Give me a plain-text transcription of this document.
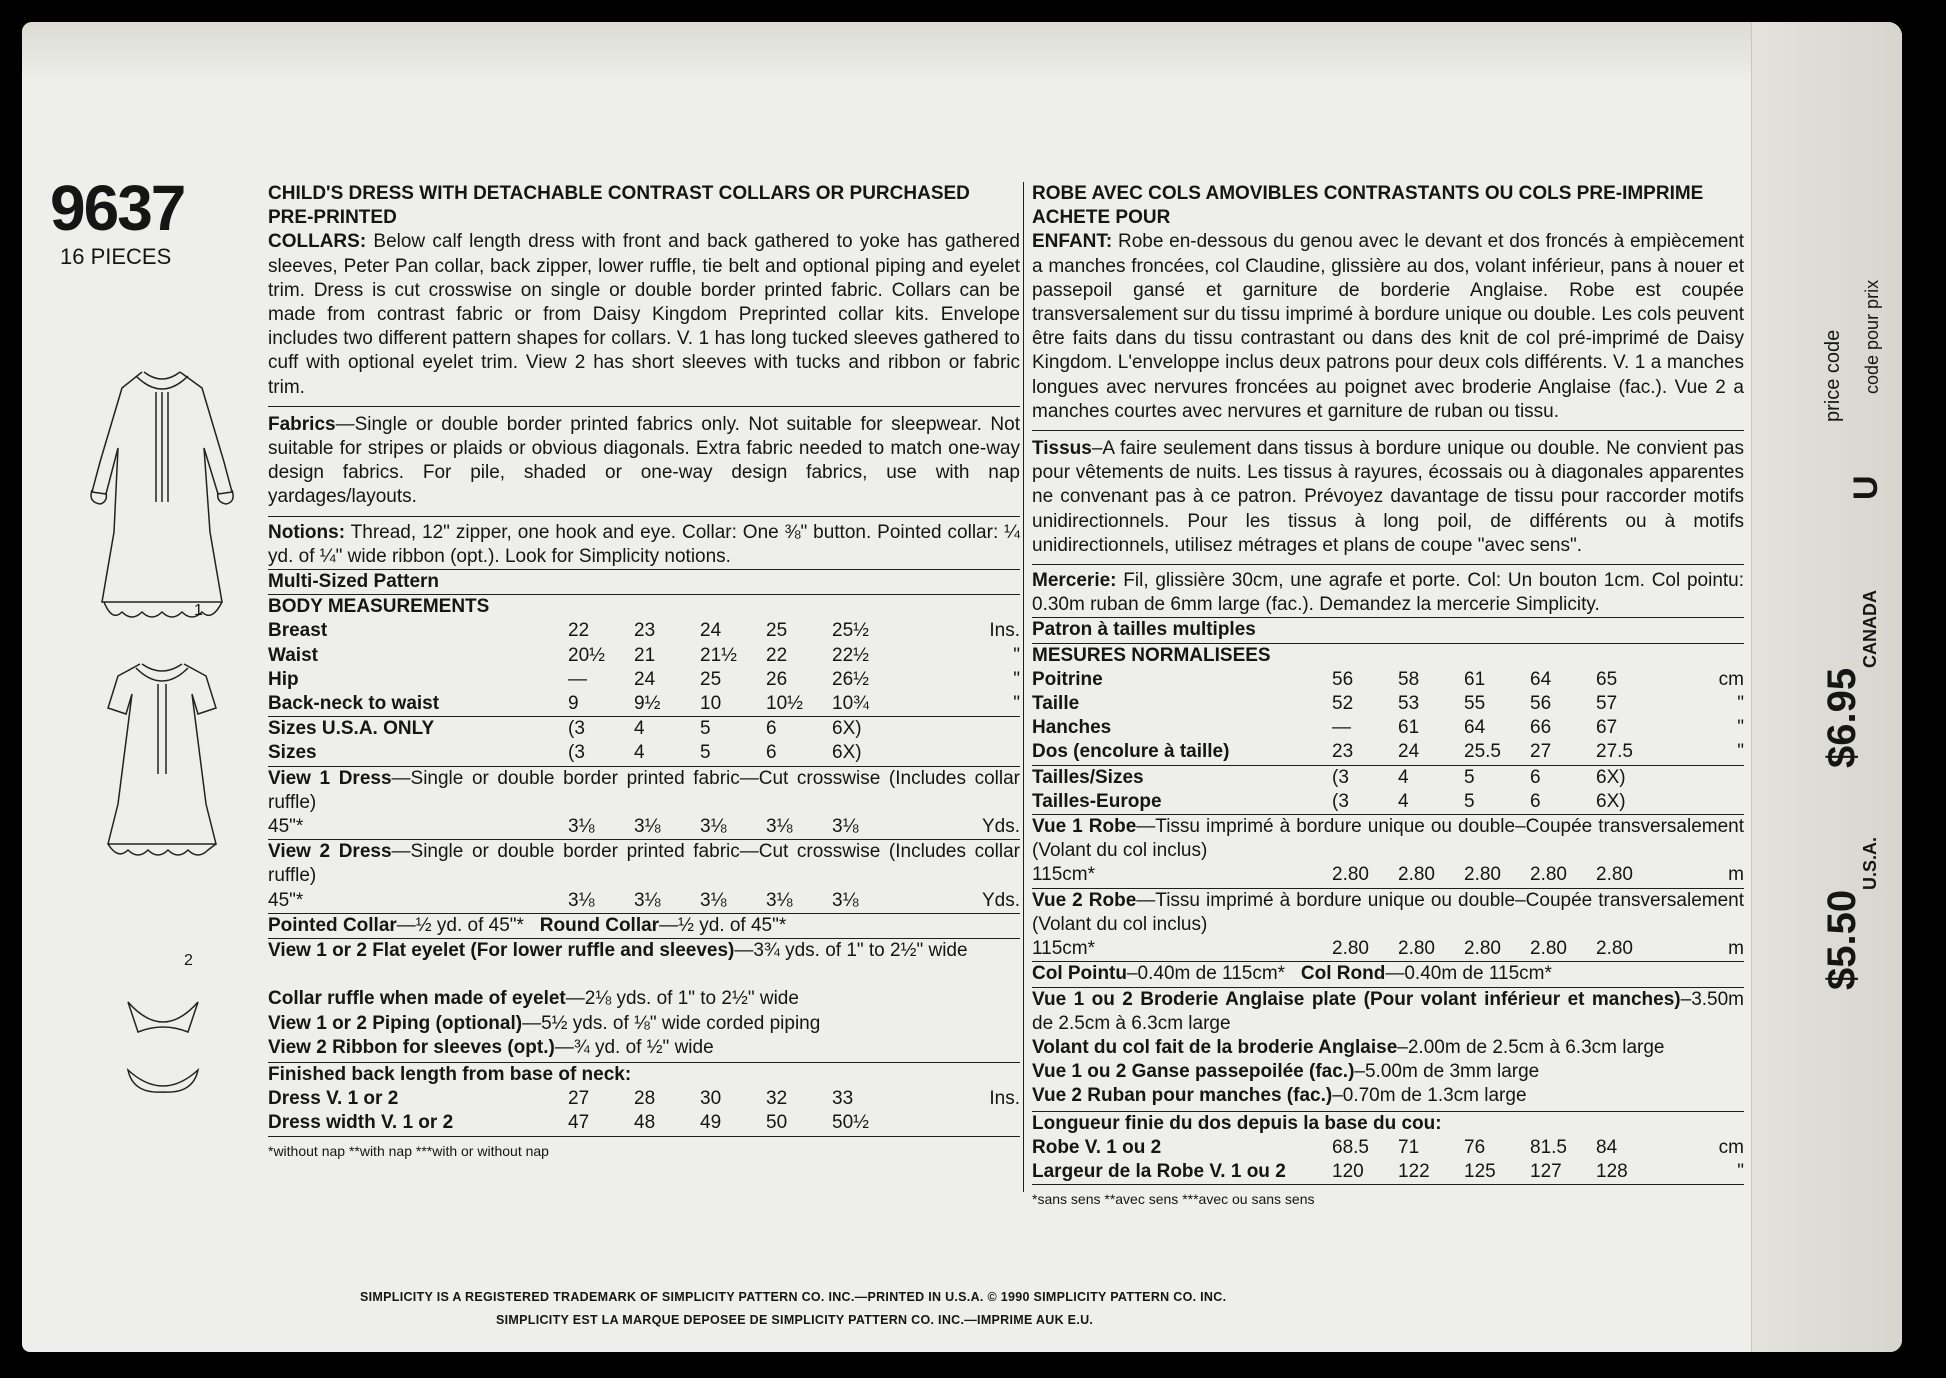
9637
16 PIECES
1
2
CHILD'S DRESS WITH DETACHABLE CONTRAST COLLARS OR PURCHASED PRE-PRINTED

COLLARS: Below calf length dress with front and back gathered to yoke has gathered sleeves, Peter Pan collar, back zipper, lower ruffle, tie belt and optional piping and eyelet trim. Dress is cut crosswise on single or double border printed fabric. Collars can be made from contrast fabric or from Daisy Kingdom Preprinted collar kits. Envelope includes two different pattern shapes for collars. V. 1 has long tucked sleeves gathered to cuff with optional eyelet trim. View 2 has short sleeves with tucks and ribbon or fabric trim.

Fabrics—Single or double border printed fabrics only. Not suitable for sleepwear. Not suitable for stripes or plaids or obvious diagonals. Extra fabric needed to match one-way design fabrics. For pile, shaded or one-way design fabrics, use with nap yardages/layouts.

Notions: Thread, 12" zipper, one hook and eye. Collar: One ⅜" button. Pointed collar: ¼ yd. of ¼" wide ribbon (opt.). Look for Simplicity notions.

Multi-Sized Pattern
BODY MEASUREMENTS
Breast	22	23	24	25	25½	Ins.
Waist	20½	21	21½	22	22½	"
Hip	—	24	25	26	26½	"
Back-neck to waist	9	9½	10	10½	10¾	"
Sizes U.S.A. ONLY	(3	4	5	6	6X)	
Sizes	(3	4	5	6	6X)	

View 1 Dress—Single or double border printed fabric—Cut crosswise (Includes collar ruffle)

45"*	3⅛	3⅛	3⅛	3⅛	3⅛	Yds.

View 2 Dress—Single or double border printed fabric—Cut crosswise (Includes collar ruffle)

45"*	3⅛	3⅛	3⅛	3⅛	3⅛	Yds.
Pointed Collar—½ yd. of 45"* Round Collar—½ yd. of 45"*
View 1 or 2 Flat eyelet (For lower ruffle and sleeves)—3¾ yds. of 1" to 2½" wide
Collar ruffle when made of eyelet—2⅛ yds. of 1" to 2½" wide
View 1 or 2 Piping (optional)—5½ yds. of ⅛" wide corded piping
View 2 Ribbon for sleeves (opt.)—¾ yd. of ½" wide
Finished back length from base of neck:
Dress V. 1 or 2	27	28	30	32	33	Ins.
Dress width V. 1 or 2	47	48	49	50	50½	
*without nap **with nap ***with or without nap
ROBE AVEC COLS AMOVIBLES CONTRASTANTS OU COLS PRE-IMPRIME ACHETE POUR

ENFANT: Robe en-dessous du genou avec le devant et dos froncés à empiècement a manches froncées, col Claudine, glissière au dos, volant inférieur, pans à nouer et passepoil gansé et garniture de borderie Anglaise. Robe est coupée transversalement sur du tissu imprimé à bordure unique ou double. Les cols peuvent être faits dans du tissu contrastant ou dans des knit de col pré-imprimé de Daisy Kingdom. L'enveloppe inclus deux patrons pour deux cols différents. V. 1 a manches longues avec nervures froncées au poignet avec broderie Anglaise (fac.). Vue 2 a manches courtes avec nervures et garniture de ruban ou tissu.

Tissus–A faire seulement dans tissus à bordure unique ou double. Ne convient pas pour vêtements de nuits. Les tissus à rayures, écossais ou à diagonales apparentes ne convenant pas à ce patron. Prévoyez davantage de tissu pour raccorder motifs unidirectionnels. Pour les tissus à long poil, de différents ou à motifs unidirectionnels, utilisez métrages et plans de coupe "avec sens".

Mercerie: Fil, glissière 30cm, une agrafe et porte. Col: Un bouton 1cm. Col pointu: 0.30m ruban de 6mm large (fac.). Demandez la mercerie Simplicity.

Patron à tailles multiples
MESURES NORMALISEES
Poitrine	56	58	61	64	65	cm
Taille	52	53	55	56	57	"
Hanches	—	61	64	66	67	"
Dos (encolure à taille)	23	24	25.5	27	27.5	"
Tailles/Sizes	(3	4	5	6	6X)	
Tailles-Europe	(3	4	5	6	6X)	

Vue 1 Robe—Tissu imprimé à bordure unique ou double–Coupée transversalement (Volant du col inclus)

115cm*	2.80	2.80	2.80	2.80	2.80	m

Vue 2 Robe—Tissu imprimé à bordure unique ou double–Coupée transversalement (Volant du col inclus)

115cm*	2.80	2.80	2.80	2.80	2.80	m
Col Pointu–0.40m de 115cm* Col Rond—0.40m de 115cm*

Vue 1 ou 2 Broderie Anglaise plate (Pour volant inférieur et manches)–3.50m de 2.5cm à 6.3cm large

Volant du col fait de la broderie Anglaise–2.00m de 2.5cm à 6.3cm large
Vue 1 ou 2 Ganse passepoilée (fac.)–5.00m de 3mm large
Vue 2 Ruban pour manches (fac.)–0.70m de 1.3cm large
Longueur finie du dos depuis la base du cou:
Robe V. 1 ou 2	68.5	71	76	81.5	84	cm
Largeur de la Robe V. 1 ou 2	120	122	125	127	128	"
*sans sens **avec sens ***avec ou sans sens
price code
U
code pour prix
CANADA
$6.95
U.S.A.
$5.50
SIMPLICITY IS A REGISTERED TRADEMARK OF SIMPLICITY PATTERN CO. INC.—PRINTED IN U.S.A. © 1990 SIMPLICITY PATTERN CO. INC.
SIMPLICITY EST LA MARQUE DEPOSEE DE SIMPLICITY PATTERN CO. INC.—IMPRIME AUK E.U.
